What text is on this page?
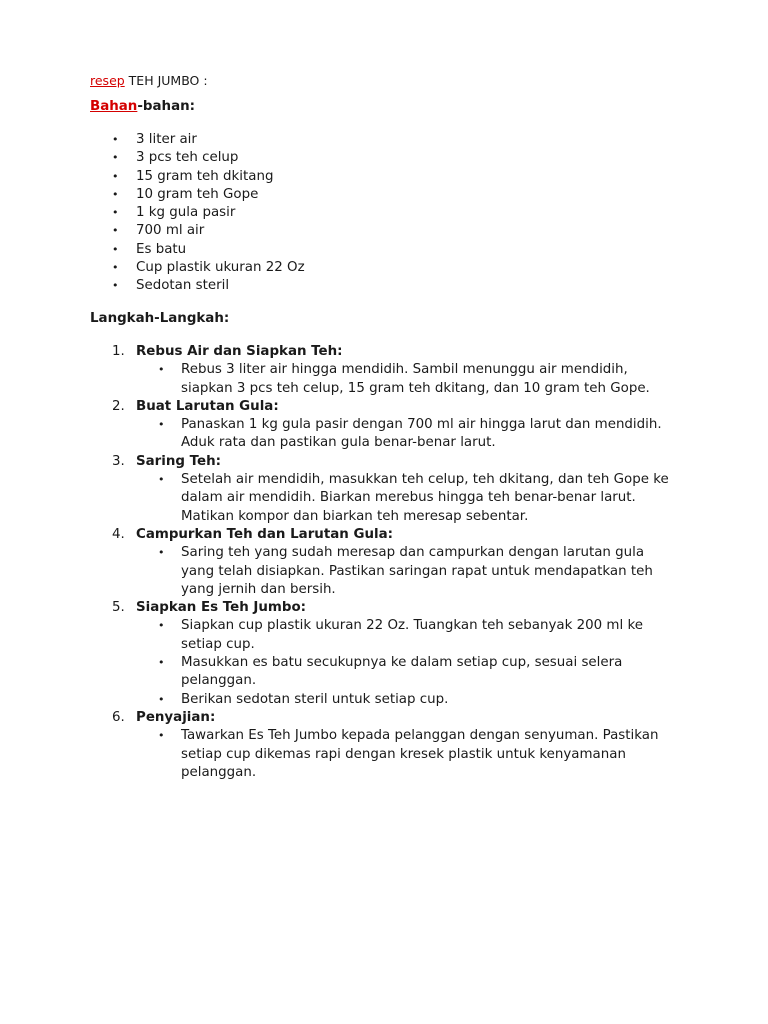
resep TEH JUMBO :
Bahan-bahan:
• 3 liter air
• 3 pcs teh celup
• 15 gram teh dkitang
• 10 gram teh Gope
• 1 kg gula pasir
• 700 ml air
• Es batu
• Cup plastik ukuran 22 Oz
• Sedotan steril
Langkah-Langkah:
1. Rebus Air dan Siapkan Teh:
• Rebus 3 liter air hingga mendidih. Sambil menunggu air mendidih, siapkan 3 pcs teh celup, 15 gram teh dkitang, dan 10 gram teh Gope.
2. Buat Larutan Gula:
• Panaskan 1 kg gula pasir dengan 700 ml air hingga larut dan mendidih. Aduk rata dan pastikan gula benar-benar larut.
3. Saring Teh:
• Setelah air mendidih, masukkan teh celup, teh dkitang, dan teh Gope ke dalam air mendidih. Biarkan merebus hingga teh benar-benar larut. Matikan kompor dan biarkan teh meresap sebentar.
4. Campurkan Teh dan Larutan Gula:
• Saring teh yang sudah meresap dan campurkan dengan larutan gula yang telah disiapkan. Pastikan saringan rapat untuk mendapatkan teh yang jernih dan bersih.
5. Siapkan Es Teh Jumbo:
• Siapkan cup plastik ukuran 22 Oz. Tuangkan teh sebanyak 200 ml ke setiap cup.
• Masukkan es batu secukupnya ke dalam setiap cup, sesuai selera pelanggan.
• Berikan sedotan steril untuk setiap cup.
6. Penyajian:
• Tawarkan Es Teh Jumbo kepada pelanggan dengan senyuman. Pastikan setiap cup dikemas rapi dengan kresek plastik untuk kenyamanan pelanggan.
